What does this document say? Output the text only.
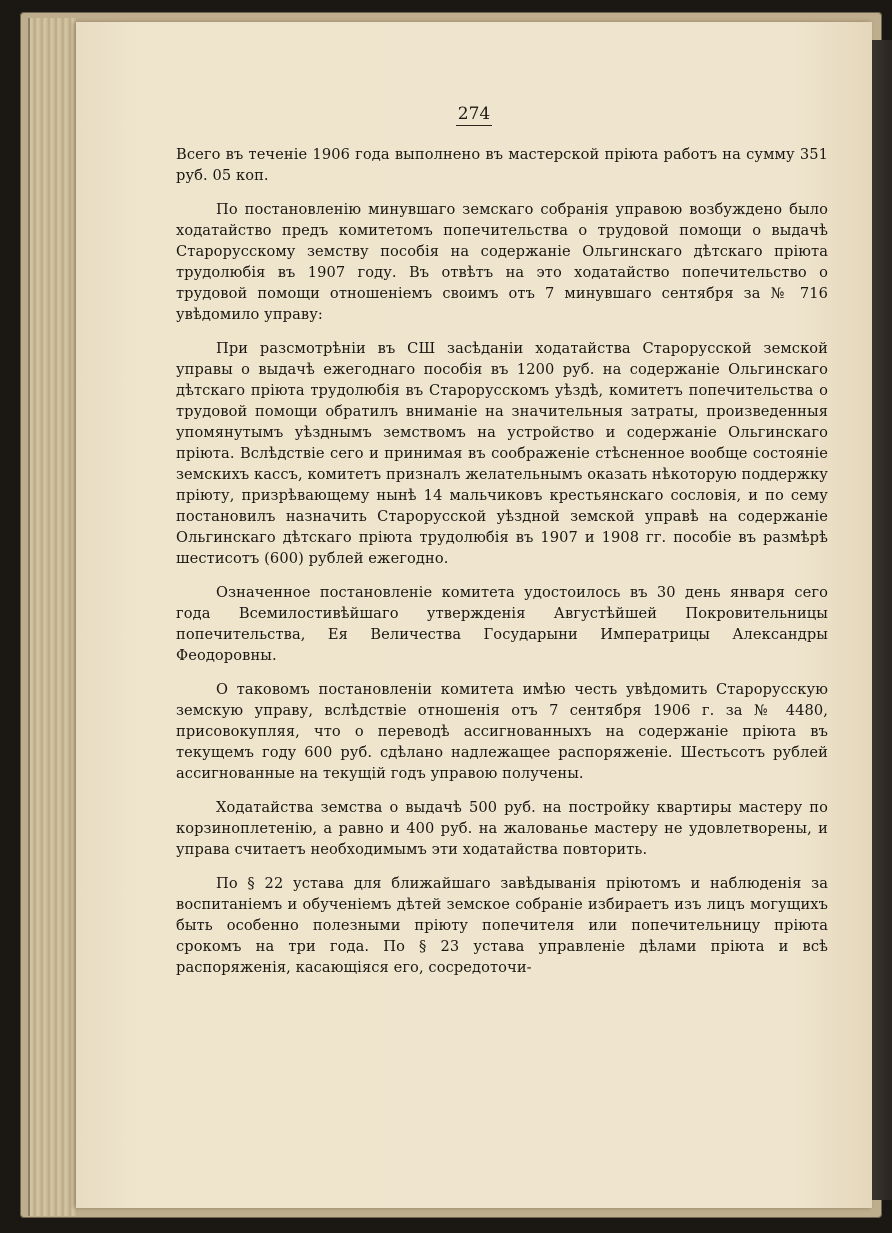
274

Всего въ теченіе 1906 года выполнено въ мастерской пріюта работъ на сумму 351 руб. 05 коп.

По постановленію минувшаго земскаго собранія управою возбуждено было ходатайство предъ комитетомъ попечительства о трудовой помощи о выдачѣ Старорусскому земству пособія на содержаніе Ольгинскаго дѣтскаго пріюта трудолюбія въ 1907 году. Въ отвѣтъ на это ходатайство попечительство о трудовой помощи отношеніемъ своимъ отъ 7 минувшаго сентября за № 716 увѣдомило управу:

При разсмотрѣніи въ СШ засѣданіи ходатайства Старорусской земской управы о выдачѣ ежегоднаго пособія въ 1200 руб. на содержаніе Ольгинскаго дѣтскаго пріюта трудолюбія въ Старорусскомъ уѣздѣ, комитетъ попечительства о трудовой помощи обратилъ вниманіе на значительныя затраты, произведенныя упомянутымъ уѣзднымъ земствомъ на устройство и содержаніе Ольгинскаго пріюта. Вслѣдствіе сего и принимая въ соображеніе стѣсненное вообще состояніе земскихъ кассъ, комитетъ призналъ желательнымъ оказать нѣкоторую поддержку пріюту, призрѣвающему нынѣ 14 мальчиковъ крестьянскаго сословія, и по сему постановилъ назначить Старорусской уѣздной земской управѣ на содержаніе Ольгинскаго дѣтскаго пріюта трудолюбія въ 1907 и 1908 гг. пособіе въ размѣрѣ шестисотъ (600) рублей ежегодно.

Означенное постановленіе комитета удостоилось въ 30 день января сего года Всемилостивѣйшаго утвержденія Августѣйшей Покровительницы попечительства, Ея Величества Государыни Императрицы Александры Феодоровны.

О таковомъ постановленіи комитета имѣю честь увѣдомить Старорусскую земскую управу, вслѣдствіе отношенія отъ 7 сентября 1906 г. за № 4480, присовокупляя, что о переводѣ ассигнованныхъ на содержаніе пріюта въ текущемъ году 600 руб. сдѣлано надлежащее распоряженіе. Шестьсотъ рублей ассигнованные на текущій годъ управою получены.

Ходатайства земства о выдачѣ 500 руб. на постройку квартиры мастеру по корзиноплетенію, а равно и 400 руб. на жалованье мастеру не удовлетворены, и управа считаетъ необходимымъ эти ходатайства повторить.

По § 22 устава для ближайшаго завѣдыванія пріютомъ и наблюденія за воспитаніемъ и обученіемъ дѣтей земское собраніе избираетъ изъ лицъ могущихъ быть особенно полезными пріюту попечителя или попечительницу пріюта срокомъ на три года. По § 23 устава управленіе дѣлами пріюта и всѣ распоряженія, касающіяся его, сосредоточи-
